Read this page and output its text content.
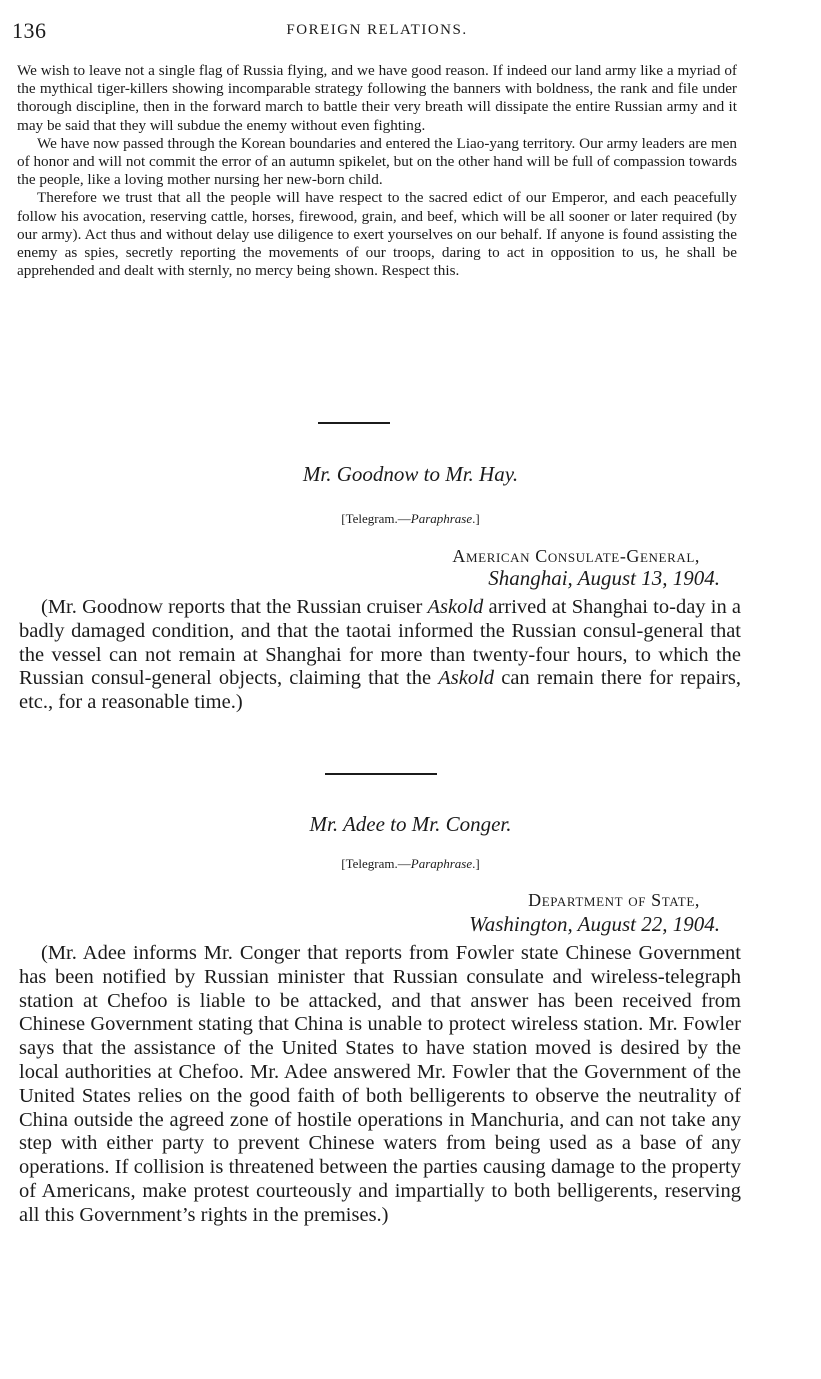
136	FOREIGN RELATIONS.

We wish to leave not a single flag of Russia flying, and we have good reason. If indeed our land army like a myriad of the mythical tiger-killers showing incomparable strategy following the banners with boldness, the rank and file under thorough discipline, then in the forward march to battle their very breath will dissipate the entire Russian army and it may be said that they will subdue the enemy without even fighting.

We have now passed through the Korean boundaries and entered the Liao-yang territory. Our army leaders are men of honor and will not commit the error of an autumn spikelet, but on the other hand will be full of compassion towards the people, like a loving mother nursing her new-born child.

Therefore we trust that all the people will have respect to the sacred edict of our Emperor, and each peacefully follow his avocation, reserving cattle, horses, firewood, grain, and beef, which will be all sooner or later required (by our army). Act thus and without delay use diligence to exert yourselves on our behalf. If anyone is found assisting the enemy as spies, secretly reporting the movements of our troops, daring to act in opposition to us, he shall be apprehended and dealt with sternly, no mercy being shown. Respect this.

Mr. Goodnow to Mr. Hay.
[Telegram.—Paraphrase.]
American Consulate-General,
Shanghai, August 13, 1904.

(Mr. Goodnow reports that the Russian cruiser Askold arrived at Shanghai to-day in a badly damaged condition, and that the taotai informed the Russian consul-general that the vessel can not remain at Shanghai for more than twenty-four hours, to which the Russian consul-general objects, claiming that the Askold can remain there for repairs, etc., for a reasonable time.)

Mr. Adee to Mr. Conger.
[Telegram.—Paraphrase.]
Department of State,
Washington, August 22, 1904.

(Mr. Adee informs Mr. Conger that reports from Fowler state Chinese Government has been notified by Russian minister that Russian consulate and wireless-telegraph station at Chefoo is liable to be attacked, and that answer has been received from Chinese Government stating that China is unable to protect wireless station. Mr. Fowler says that the assistance of the United States to have station moved is desired by the local authorities at Chefoo. Mr. Adee answered Mr. Fowler that the Government of the United States relies on the good faith of both belligerents to observe the neutrality of China outside the agreed zone of hostile operations in Manchuria, and can not take any step with either party to prevent Chinese waters from being used as a base of any operations. If collision is threatened between the parties causing damage to the property of Americans, make protest courteously and impartially to both belligerents, reserving all this Government’s rights in the premises.)
